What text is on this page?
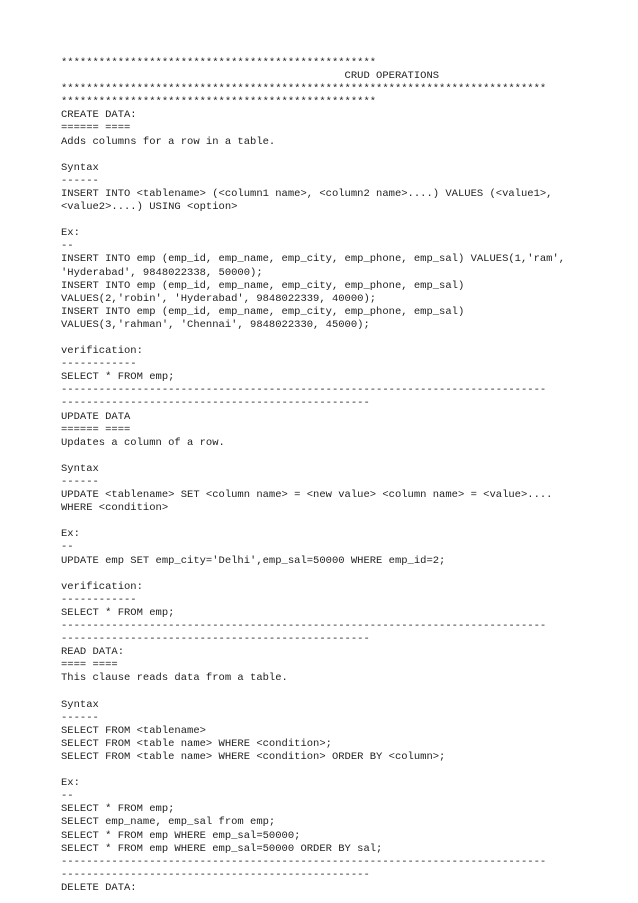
**************************************************
CRUD OPERATIONS
*****************************************************************************
**************************************************
CREATE DATA:
====== ====
Adds columns for a row in a table.

Syntax
------
INSERT INTO <tablename> (<column1 name>, <column2 name>....) VALUES (<value1>,
<value2>....) USING <option>

Ex:
--
INSERT INTO emp (emp_id, emp_name, emp_city, emp_phone, emp_sal) VALUES(1,'ram',
'Hyderabad', 9848022338, 50000);
INSERT INTO emp (emp_id, emp_name, emp_city, emp_phone, emp_sal)
VALUES(2,'robin', 'Hyderabad', 9848022339, 40000);
INSERT INTO emp (emp_id, emp_name, emp_city, emp_phone, emp_sal)
VALUES(3,'rahman', 'Chennai', 9848022330, 45000);

verification:
------------
SELECT * FROM emp;
-----------------------------------------------------------------------------
-------------------------------------------------
UPDATE DATA
====== ====
Updates a column of a row.

Syntax
------
UPDATE <tablename> SET <column name> = <new value> <column name> = <value>....
WHERE <condition>

Ex:
--
UPDATE emp SET emp_city='Delhi',emp_sal=50000 WHERE emp_id=2;

verification:
------------
SELECT * FROM emp;
-----------------------------------------------------------------------------
-------------------------------------------------
READ DATA:
==== ====
This clause reads data from a table.

Syntax
------
SELECT FROM <tablename>
SELECT FROM <table name> WHERE <condition>;
SELECT FROM <table name> WHERE <condition> ORDER BY <column>;

Ex:
--
SELECT * FROM emp;
SELECT emp_name, emp_sal from emp;
SELECT * FROM emp WHERE emp_sal=50000;
SELECT * FROM emp WHERE emp_sal=50000 ORDER BY sal;
-----------------------------------------------------------------------------
-------------------------------------------------
DELETE DATA:
